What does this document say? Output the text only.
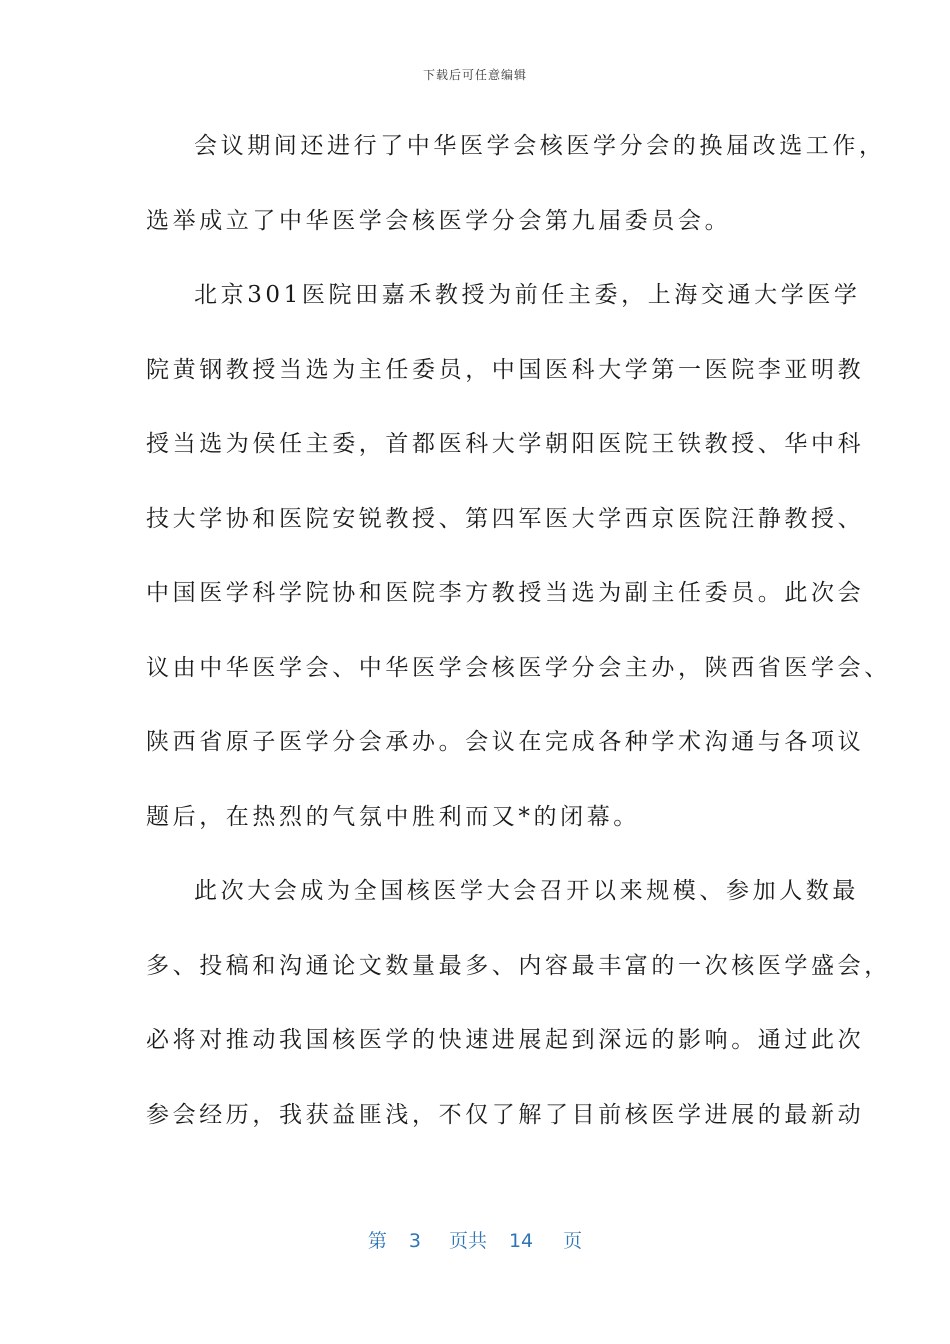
下载后可任意编辑
会议期间还进行了中华医学会核医学分会的换届改选工作，
选举成立了中华医学会核医学分会第九届委员会。
北京301医院田嘉禾教授为前任主委，上海交通大学医学
院黄钢教授当选为主任委员，中国医科大学第一医院李亚明教
授当选为侯任主委，首都医科大学朝阳医院王铁教授、华中科
技大学协和医院安锐教授、第四军医大学西京医院汪静教授、
中国医学科学院协和医院李方教授当选为副主任委员。此次会
议由中华医学会、中华医学会核医学分会主办，陕西省医学会、
陕西省原子医学分会承办。会议在完成各种学术沟通与各项议
题后，在热烈的气氛中胜利而又*的闭幕。
此次大会成为全国核医学大会召开以来规模、参加人数最
多、投稿和沟通论文数量最多、内容最丰富的一次核医学盛会，
必将对推动我国核医学的快速进展起到深远的影响。通过此次
参会经历，我获益匪浅，不仅了解了目前核医学进展的最新动
第 3 页共 14 页
